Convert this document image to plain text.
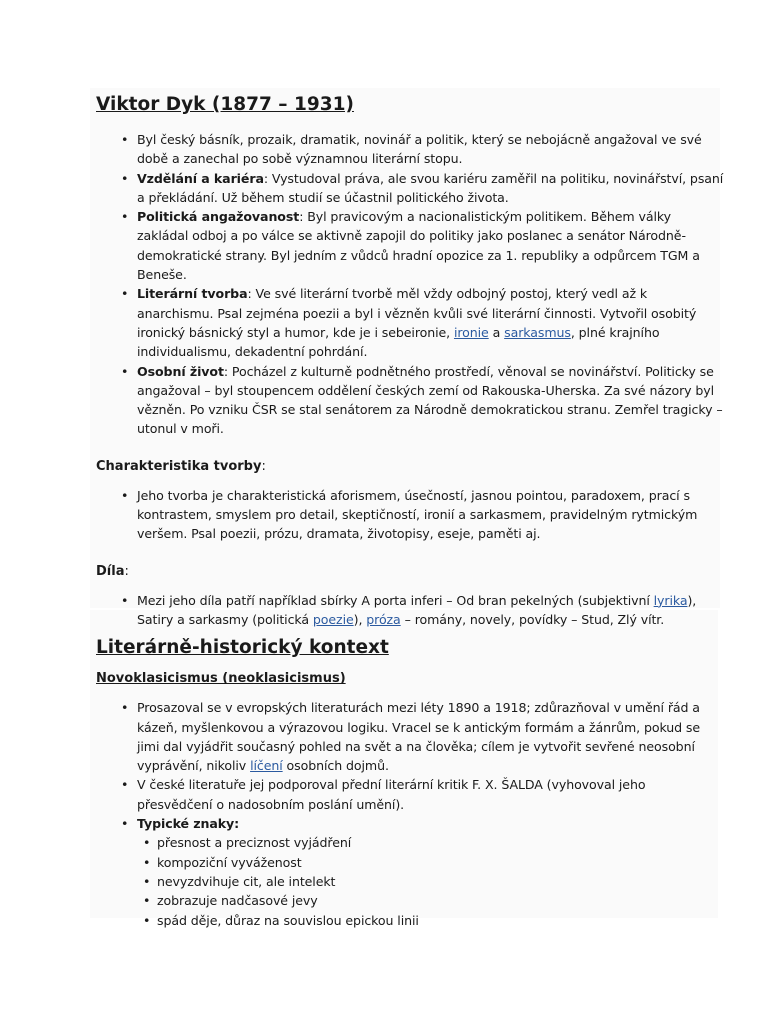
Viktor Dyk (1877 – 1931)
• Byl český básník, prozaik, dramatik, novinář a politik, který se nebojácně angažoval ve své době a zanechal po sobě významnou literární stopu.
• Vzdělání a kariéra: Vystudoval práva, ale svou kariéru zaměřil na politiku, novinářství, psaní a překládání. Už během studií se účastnil politického života.
• Politická angažovanost: Byl pravicovým a nacionalistickým politikem. Během války zakládal odboj a po válce se aktivně zapojil do politiky jako poslanec a senátor Národně-demokratické strany. Byl jedním z vůdců hradní opozice za 1. republiky a odpůrcem TGM a Beneše.
• Literární tvorba: Ve své literární tvorbě měl vždy odbojný postoj, který vedl až k anarchismu. Psal zejména poezii a byl i vězněn kvůli své literární činnosti. Vytvořil osobitý ironický básnický styl a humor, kde je i sebeironie, ironie a sarkasmus, plné krajního individualismu, dekadentní pohrdání.
• Osobní život: Pocházel z kulturně podnětného prostředí, věnoval se novinářství. Politicky se angažoval – byl stoupencem oddělení českých zemí od Rakouska-Uherska. Za své názory byl vězněn. Po vzniku ČSR se stal senátorem za Národně demokratickou stranu. Zemřel tragicky – utonul v moři.

Charakteristika tvorby:

• Jeho tvorba je charakteristická aforismem, úsečností, jasnou pointou, paradoxem, prací s kontrastem, smyslem pro detail, skeptičností, ironií a sarkasmem, pravidelným rytmickým veršem. Psal poezii, prózu, dramata, životopisy, eseje, paměti aj.

Díla:

• Mezi jeho díla patří například sbírky A porta inferi – Od bran pekelných (subjektivní lyrika), Satiry a sarkasmy (politická poezie), próza – romány, novely, povídky – Stud, Zlý vítr.
Literárně-historický kontext
Novoklasicismus (neoklasicismus)
• Prosazoval se v evropských literaturách mezi léty 1890 a 1918; zdůrazňoval v umění řád a kázeň, myšlenkovou a výrazovou logiku. Vracel se k antickým formám a žánrům, pokud se jimi dal vyjádřit současný pohled na svět a na člověka; cílem je vytvořit sevřené neosobní vyprávění, nikoliv líčení osobních dojmů.
• V české literatuře jej podporoval přední literární kritik F. X. ŠALDA (vyhovoval jeho přesvědčení o nadosobním poslání umění).
• Typické znaky:
• přesnost a preciznost vyjádření
• kompoziční vyváženost
• nevyzdvihuje cit, ale intelekt
• zobrazuje nadčasové jevy
• spád děje, důraz na souvislou epickou linii
